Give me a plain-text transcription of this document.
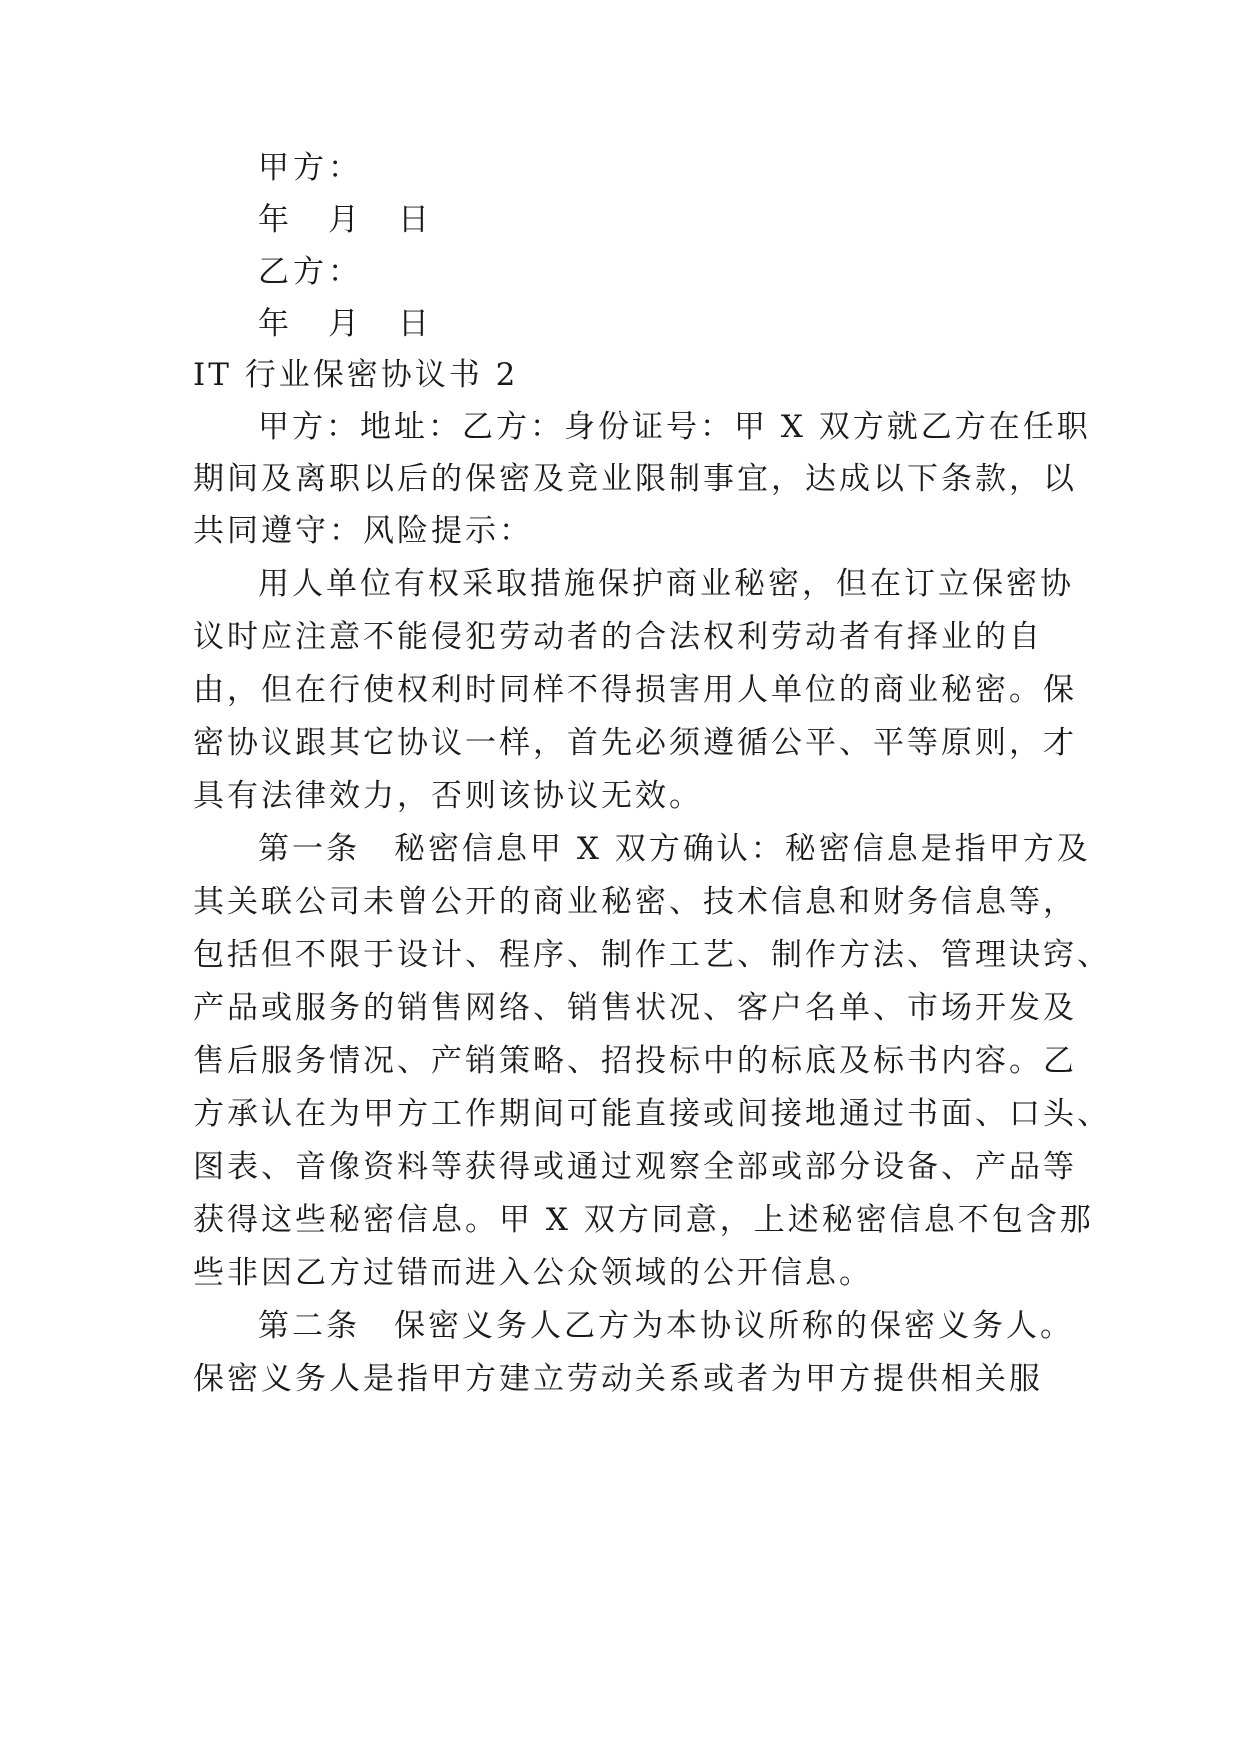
甲方：
年　月　日
乙方：
年　月　日
IT 行业保密协议书 2
甲方：地址：乙方：身份证号：甲 X 双方就乙方在任职
期间及离职以后的保密及竞业限制事宜，达成以下条款，以
共同遵守：风险提示：
用人单位有权采取措施保护商业秘密，但在订立保密协
议时应注意不能侵犯劳动者的合法权利劳动者有择业的自
由，但在行使权利时同样不得损害用人单位的商业秘密。保
密协议跟其它协议一样，首先必须遵循公平、平等原则，才
具有法律效力，否则该协议无效。
第一条　秘密信息甲 X 双方确认：秘密信息是指甲方及
其关联公司未曾公开的商业秘密、技术信息和财务信息等，
包括但不限于设计、程序、制作工艺、制作方法、管理诀窍、
产品或服务的销售网络、销售状况、客户名单、市场开发及
售后服务情况、产销策略、招投标中的标底及标书内容。乙
方承认在为甲方工作期间可能直接或间接地通过书面、口头、
图表、音像资料等获得或通过观察全部或部分设备、产品等
获得这些秘密信息。甲 X 双方同意，上述秘密信息不包含那
些非因乙方过错而进入公众领域的公开信息。
第二条　保密义务人乙方为本协议所称的保密义务人。
保密义务人是指甲方建立劳动关系或者为甲方提供相关服
